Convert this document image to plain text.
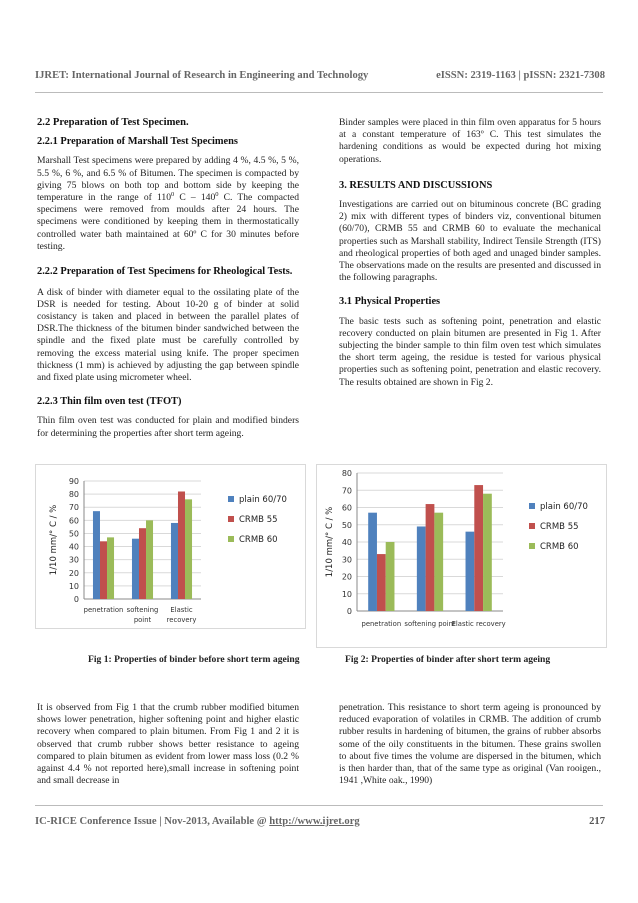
IJRET: International Journal of Research in Engineering and Technology	eISSN: 2319-1163 | pISSN: 2321-7308
2.2 Preparation of Test Specimen.
2.2.1 Preparation of Marshall Test Specimens

Marshall Test specimens were prepared by adding 4 %, 4.5 %, 5 %, 5.5 %, 6 %, and 6.5 % of Bitumen. The specimen is compacted by giving 75 blows on both top and bottom side by keeping the temperature in the range of $110^0$ C – $140^0$ C. The compacted specimens were removed from moulds after 24 hours. The specimens were conditioned by keeping them in thermostatically controlled water bath maintained at 60º C for 30 minutes before testing.

2.2.2 Preparation of Test Specimens for Rheological Tests.

A disk of binder with diameter equal to the ossilating plate of the DSR is needed for testing. About 10-20 g of binder at solid cosistancy is taken and placed in between the parallel plates of DSR.The thickness of the bitumen binder sandwiched between the spindle and the fixed plate must be carefully controlled by removing the excess material using knife. The proper specimen thickness (1 mm) is achieved by adjusting the gap between spindle and fixed plate using micrometer wheel.

2.2.3 Thin film oven test (TFOT)

Thin film oven test was conducted for plain and modified binders for determining the properties after short term ageing.

Binder samples were placed in thin film oven apparatus for 5 hours at a constant temperature of 163º C. This test simulates the hardening conditions as would be expected during hot mixing operations.

3. RESULTS AND DISCUSSIONS

Investigations are carried out on bituminous concrete (BC grading 2) mix with different types of binders viz, conventional bitumen (60/70), CRMB 55 and CRMB 60 to evaluate the mechanical properties such as Marshall stability, Indirect Tensile Strength (ITS) and rheological properties of both aged and unaged binder samples. The observations made on the results are presented and discussed in the following paragraphs.

3.1 Physical Properties

The basic tests such as softening point, penetration and elastic recovery conducted on plain bitumen are presented in Fig 1. After subjecting the binder sample to thin film oven test which simulates the short term ageing, the residue is tested for various physical properties such as softening point, penetration and elastic recovery. The results obtained are shown in Fig 2.

0
10
20
30
40
50
60
70
80
90
1/10 mm/° C / %
penetration softening
point
Elastic
recovery
plain 60/70
CRMB 55
CRMB 60
0
10
20
30
40
50
60
70
80
1/10 mm/° C / %
penetration softening point
Elastic recovery
plain 60/70
CRMB 55
CRMB 60
Fig 1: Properties of binder before short term ageing	Fig 2: Properties of binder after short term ageing

It is observed from Fig 1 that the crumb rubber modified bitumen shows lower penetration, higher softening point and higher elastic recovery when compared to plain bitumen. From Fig 1 and 2 it is observed that crumb rubber shows better resistance to ageing compared to plain bitumen as evident from lower mass loss (0.2 % against 4.4 % not reported here),small increase in softening point and small decrease in

penetration. This resistance to short term ageing is pronounced by reduced evaporation of volatiles in CRMB. The addition of crumb rubber results in hardening of bitumen, the grains of rubber absorbs some of the oily constituents in the bitumen. These grains swollen to about five times the volume are dispersed in the bitumen, which is then harder than, that of the same type as original (Van rooigen., 1941 ,White oak., 1990)

IC-RICE Conference Issue | Nov-2013, Available @ http://www.ijret.org	217
